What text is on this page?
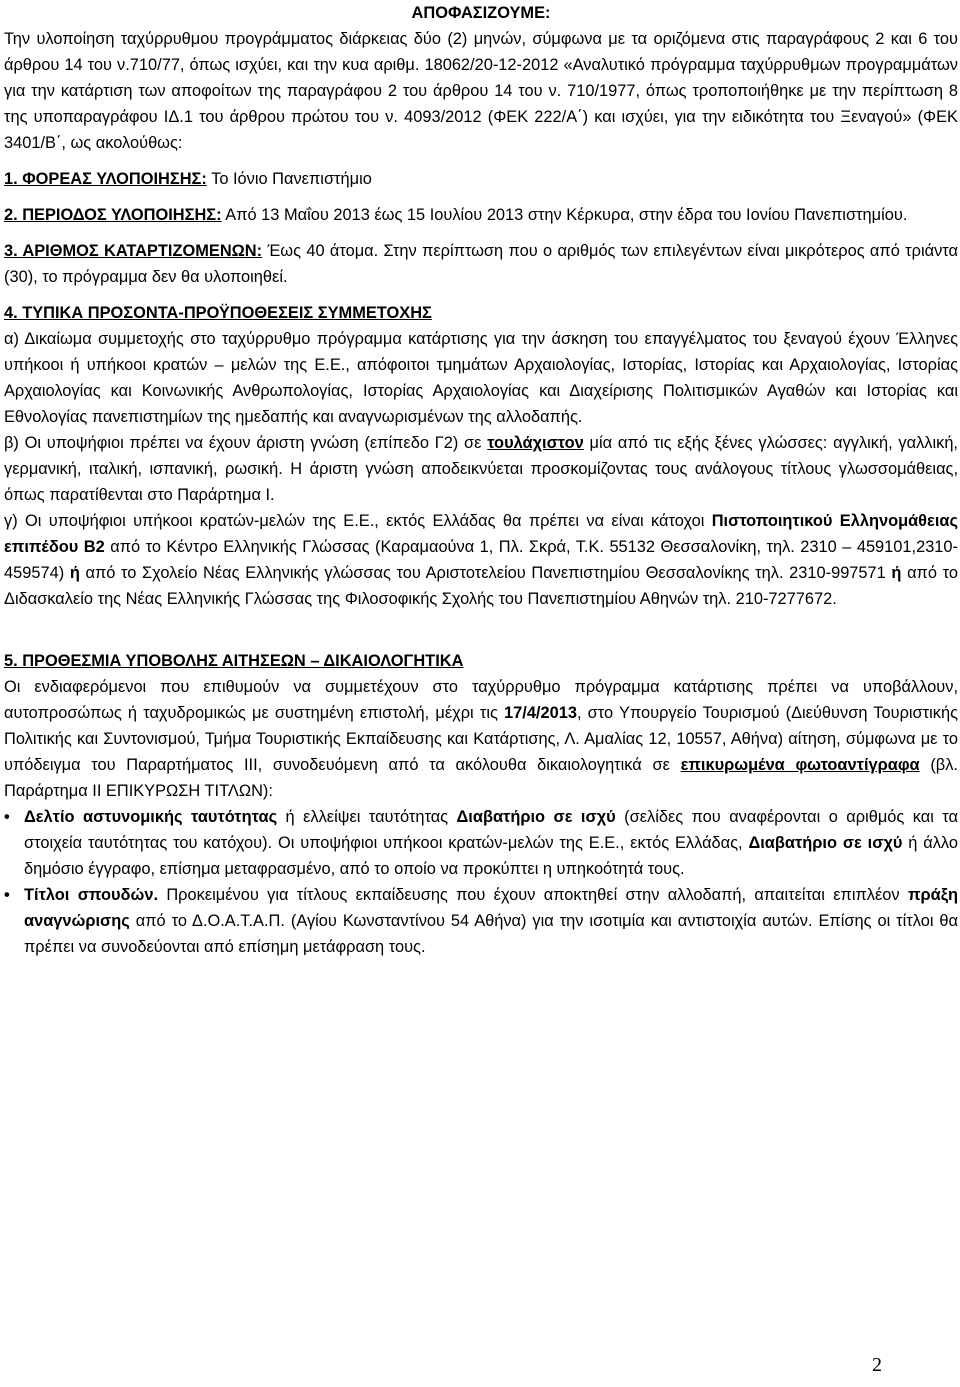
ΑΠΟΦΑΣΙΖΟΥΜΕ:

Την υλοποίηση ταχύρρυθμου προγράμματος διάρκειας δύο (2) μηνών, σύμφωνα με τα οριζόμενα στις παραγράφους 2 και 6 του άρθρου 14 του ν.710/77, όπως ισχύει, και την κυα αριθμ. 18062/20-12-2012 «Αναλυτικό πρόγραμμα ταχύρρυθμων προγραμμάτων για την κατάρτιση των αποφοίτων της παραγράφου 2 του άρθρου 14 του ν. 710/1977, όπως τροποποιήθηκε με την περίπτωση 8 της υποπαραγράφου ΙΔ.1 του άρθρου πρώτου του ν. 4093/2012 (ΦΕΚ 222/Α΄) και ισχύει, για την ειδικότητα του Ξεναγού» (ΦΕΚ 3401/Β΄, ως ακολούθως:

1. ΦΟΡΕΑΣ ΥΛΟΠΟΙΗΣΗΣ: Το Ιόνιο Πανεπιστήμιο

2. ΠΕΡΙΟΔΟΣ ΥΛΟΠΟΙΗΣΗΣ: Από 13 Μαΐου 2013 έως 15 Ιουλίου 2013 στην Κέρκυρα, στην έδρα του Ιονίου Πανεπιστημίου.

3. ΑΡΙΘΜΟΣ ΚΑΤΑΡΤΙΖΟΜΕΝΩΝ: Έως 40 άτομα. Στην περίπτωση που ο αριθμός των επιλεγέντων είναι μικρότερος από τριάντα (30), το πρόγραμμα δεν θα υλοποιηθεί.

4. ΤΥΠΙΚΑ ΠΡΟΣΟΝΤΑ-ΠΡΟΫΠΟΘΕΣΕΙΣ ΣΥΜΜΕΤΟΧΗΣ

α) Δικαίωμα συμμετοχής στο ταχύρρυθμο πρόγραμμα κατάρτισης για την άσκηση του επαγγέλματος του ξεναγού έχουν Έλληνες υπήκοοι ή υπήκοοι κρατών – μελών της Ε.Ε., απόφοιτοι τμημάτων Αρχαιολογίας, Ιστορίας, Ιστορίας και Αρχαιολογίας, Ιστορίας Αρχαιολογίας και Κοινωνικής Ανθρωπολογίας, Ιστορίας Αρχαιολογίας και Διαχείρισης Πολιτισμικών Αγαθών και Ιστορίας και Εθνολογίας πανεπιστημίων της ημεδαπής και αναγνωρισμένων της αλλοδαπής.

β) Οι υποψήφιοι πρέπει να έχουν άριστη γνώση (επίπεδο Γ2) σε τουλάχιστον μία από τις εξής ξένες γλώσσες: αγγλική, γαλλική, γερμανική, ιταλική, ισπανική, ρωσική. Η άριστη γνώση αποδεικνύεται προσκομίζοντας τους ανάλογους τίτλους γλωσσομάθειας, όπως παρατίθενται στο Παράρτημα Ι.

γ) Οι υποψήφιοι υπήκοοι κρατών-μελών της Ε.Ε., εκτός Ελλάδας θα πρέπει να είναι κάτοχοι Πιστοποιητικού Ελληνομάθειας επιπέδου Β2 από το Κέντρο Ελληνικής Γλώσσας (Καραμαούνα 1, Πλ. Σκρά, Τ.Κ. 55132 Θεσσαλονίκη, τηλ. 2310 – 459101,2310-459574) ή από το Σχολείο Νέας Ελληνικής γλώσσας του Αριστοτελείου Πανεπιστημίου Θεσσαλονίκης τηλ. 2310-997571 ή από το Διδασκαλείο της Νέας Ελληνικής Γλώσσας της Φιλοσοφικής Σχολής του Πανεπιστημίου Αθηνών τηλ. 210-7277672.

5. ΠΡΟΘΕΣΜΙΑ ΥΠΟΒΟΛΗΣ ΑΙΤΗΣΕΩΝ – ΔΙΚΑΙΟΛΟΓΗΤΙΚΑ

Οι ενδιαφερόμενοι που επιθυμούν να συμμετέχουν στο ταχύρρυθμο πρόγραμμα κατάρτισης πρέπει να υποβάλλουν, αυτοπροσώπως ή ταχυδρομικώς με συστημένη επιστολή, μέχρι τις 17/4/2013, στο Υπουργείο Τουρισμού (Διεύθυνση Τουριστικής Πολιτικής και Συντονισμού, Τμήμα Τουριστικής Εκπαίδευσης και Κατάρτισης, Λ. Αμαλίας 12, 10557, Αθήνα) αίτηση, σύμφωνα με το υπόδειγμα του Παραρτήματος ΙΙΙ, συνοδευόμενη από τα ακόλουθα δικαιολογητικά σε επικυρωμένα φωτοαντίγραφα (βλ. Παράρτημα ΙΙ ΕΠΙΚΥΡΩΣΗ ΤΙΤΛΩΝ):

• Δελτίο αστυνομικής ταυτότητας ή ελλείψει ταυτότητας Διαβατήριο σε ισχύ (σελίδες που αναφέρονται ο αριθμός και τα στοιχεία ταυτότητας του κατόχου). Οι υποψήφιοι υπήκοοι κρατών-μελών της Ε.Ε., εκτός Ελλάδας, Διαβατήριο σε ισχύ ή άλλο δημόσιο έγγραφο, επίσημα μεταφρασμένο, από το οποίο να προκύπτει η υπηκοότητά τους.
• Τίτλοι σπουδών. Προκειμένου για τίτλους εκπαίδευσης που έχουν αποκτηθεί στην αλλοδαπή, απαιτείται επιπλέον πράξη αναγνώρισης από το Δ.Ο.Α.Τ.Α.Π. (Αγίου Κωνσταντίνου 54 Αθήνα) για την ισοτιμία και αντιστοιχία αυτών. Επίσης οι τίτλοι θα πρέπει να συνοδεύονται από επίσημη μετάφραση τους.
2
